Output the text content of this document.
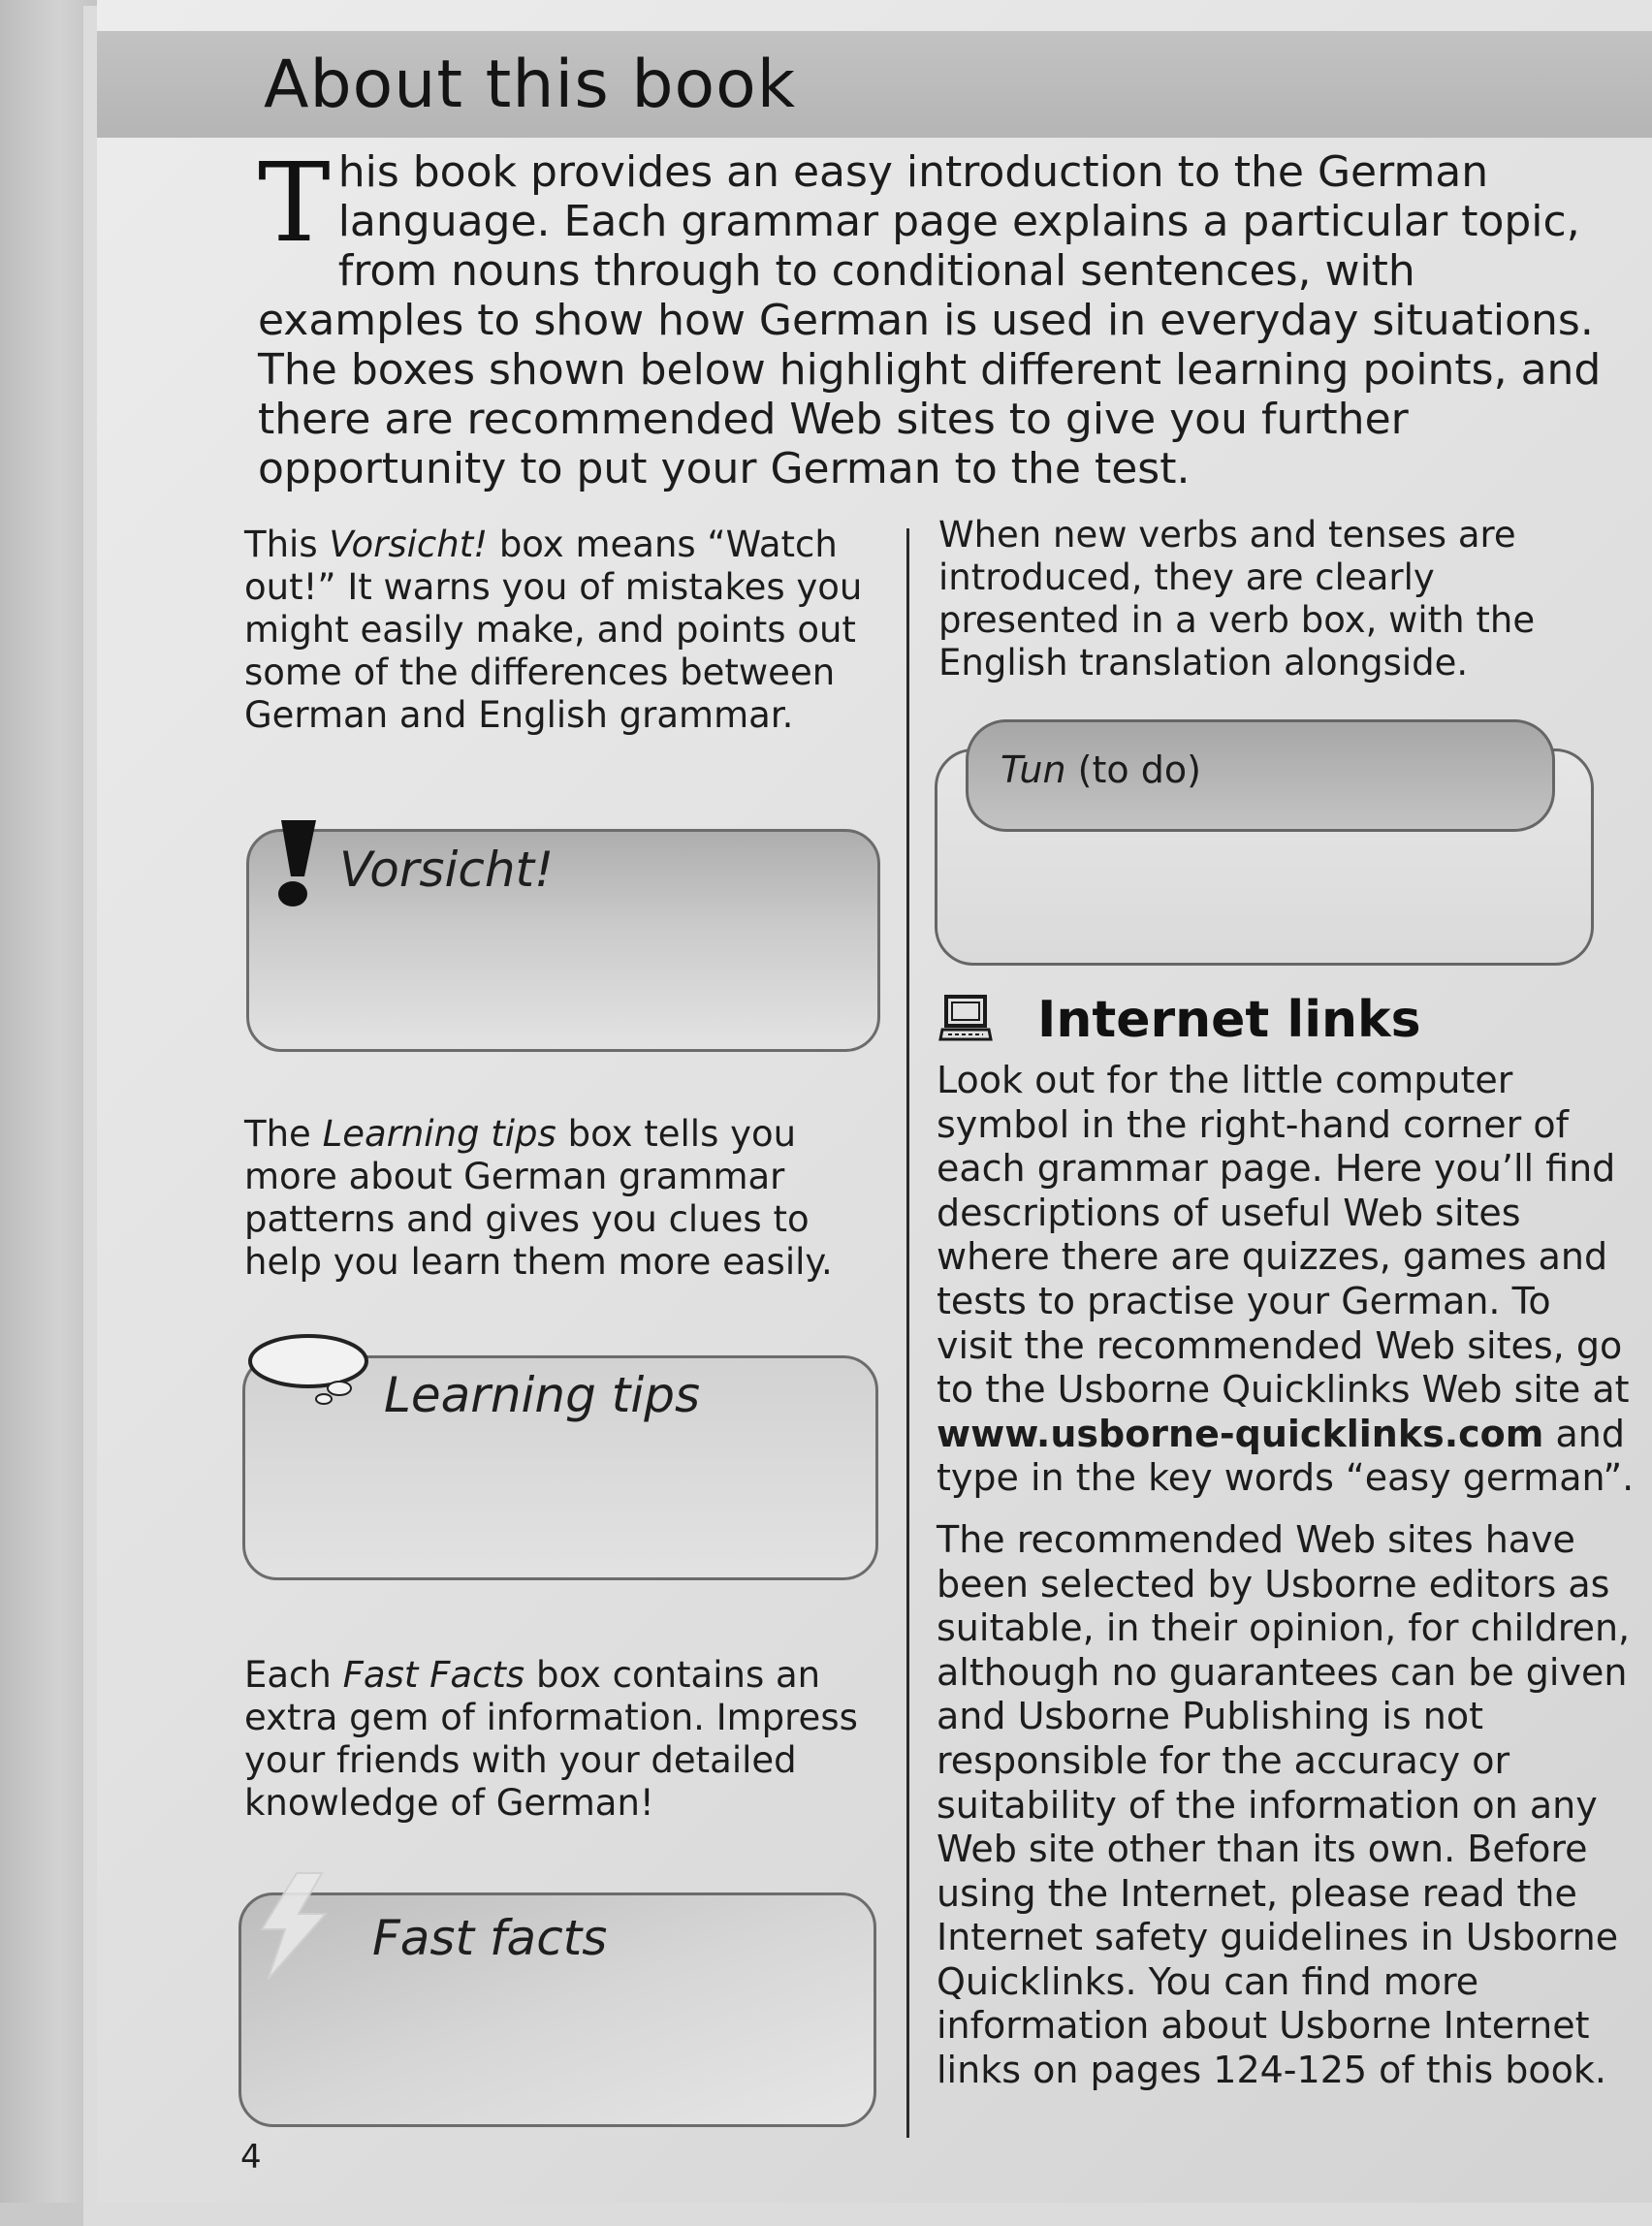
About this book

This book provides an easy introduction to the German language. Each grammar page explains a particular topic, from nouns through to conditional sentences, with examples to show how German is used in everyday situations. The boxes shown below highlight different learning points, and there are recommended Web sites to give you further opportunity to put your German to the test.

This Vorsicht! box means “Watch out!” It warns you of mistakes you might easily make, and points out some of the differences between German and English grammar.

Vorsicht!

The Learning tips box tells you more about German grammar patterns and gives you clues to help you learn them more easily.

Learning tips

Each Fast Facts box contains an extra gem of information. Impress your friends with your detailed knowledge of German!

Fast facts

When new verbs and tenses are introduced, they are clearly presented in a verb box, with the English translation alongside.

Tun (to do)
Internet links

Look out for the little computer symbol in the right-hand corner of each grammar page. Here you’ll find descriptions of useful Web sites where there are quizzes, games and tests to practise your German. To visit the recommended Web sites, go to the Usborne Quicklinks Web site at www.usborne-quicklinks.com and type in the key words “easy german”.

The recommended Web sites have been selected by Usborne editors as suitable, in their opinion, for children, although no guarantees can be given and Usborne Publishing is not responsible for the accuracy or suitability of the information on any Web site other than its own. Before using the Internet, please read the Internet safety guidelines in Usborne Quicklinks. You can find more information about Usborne Internet links on pages 124-125 of this book.

4
